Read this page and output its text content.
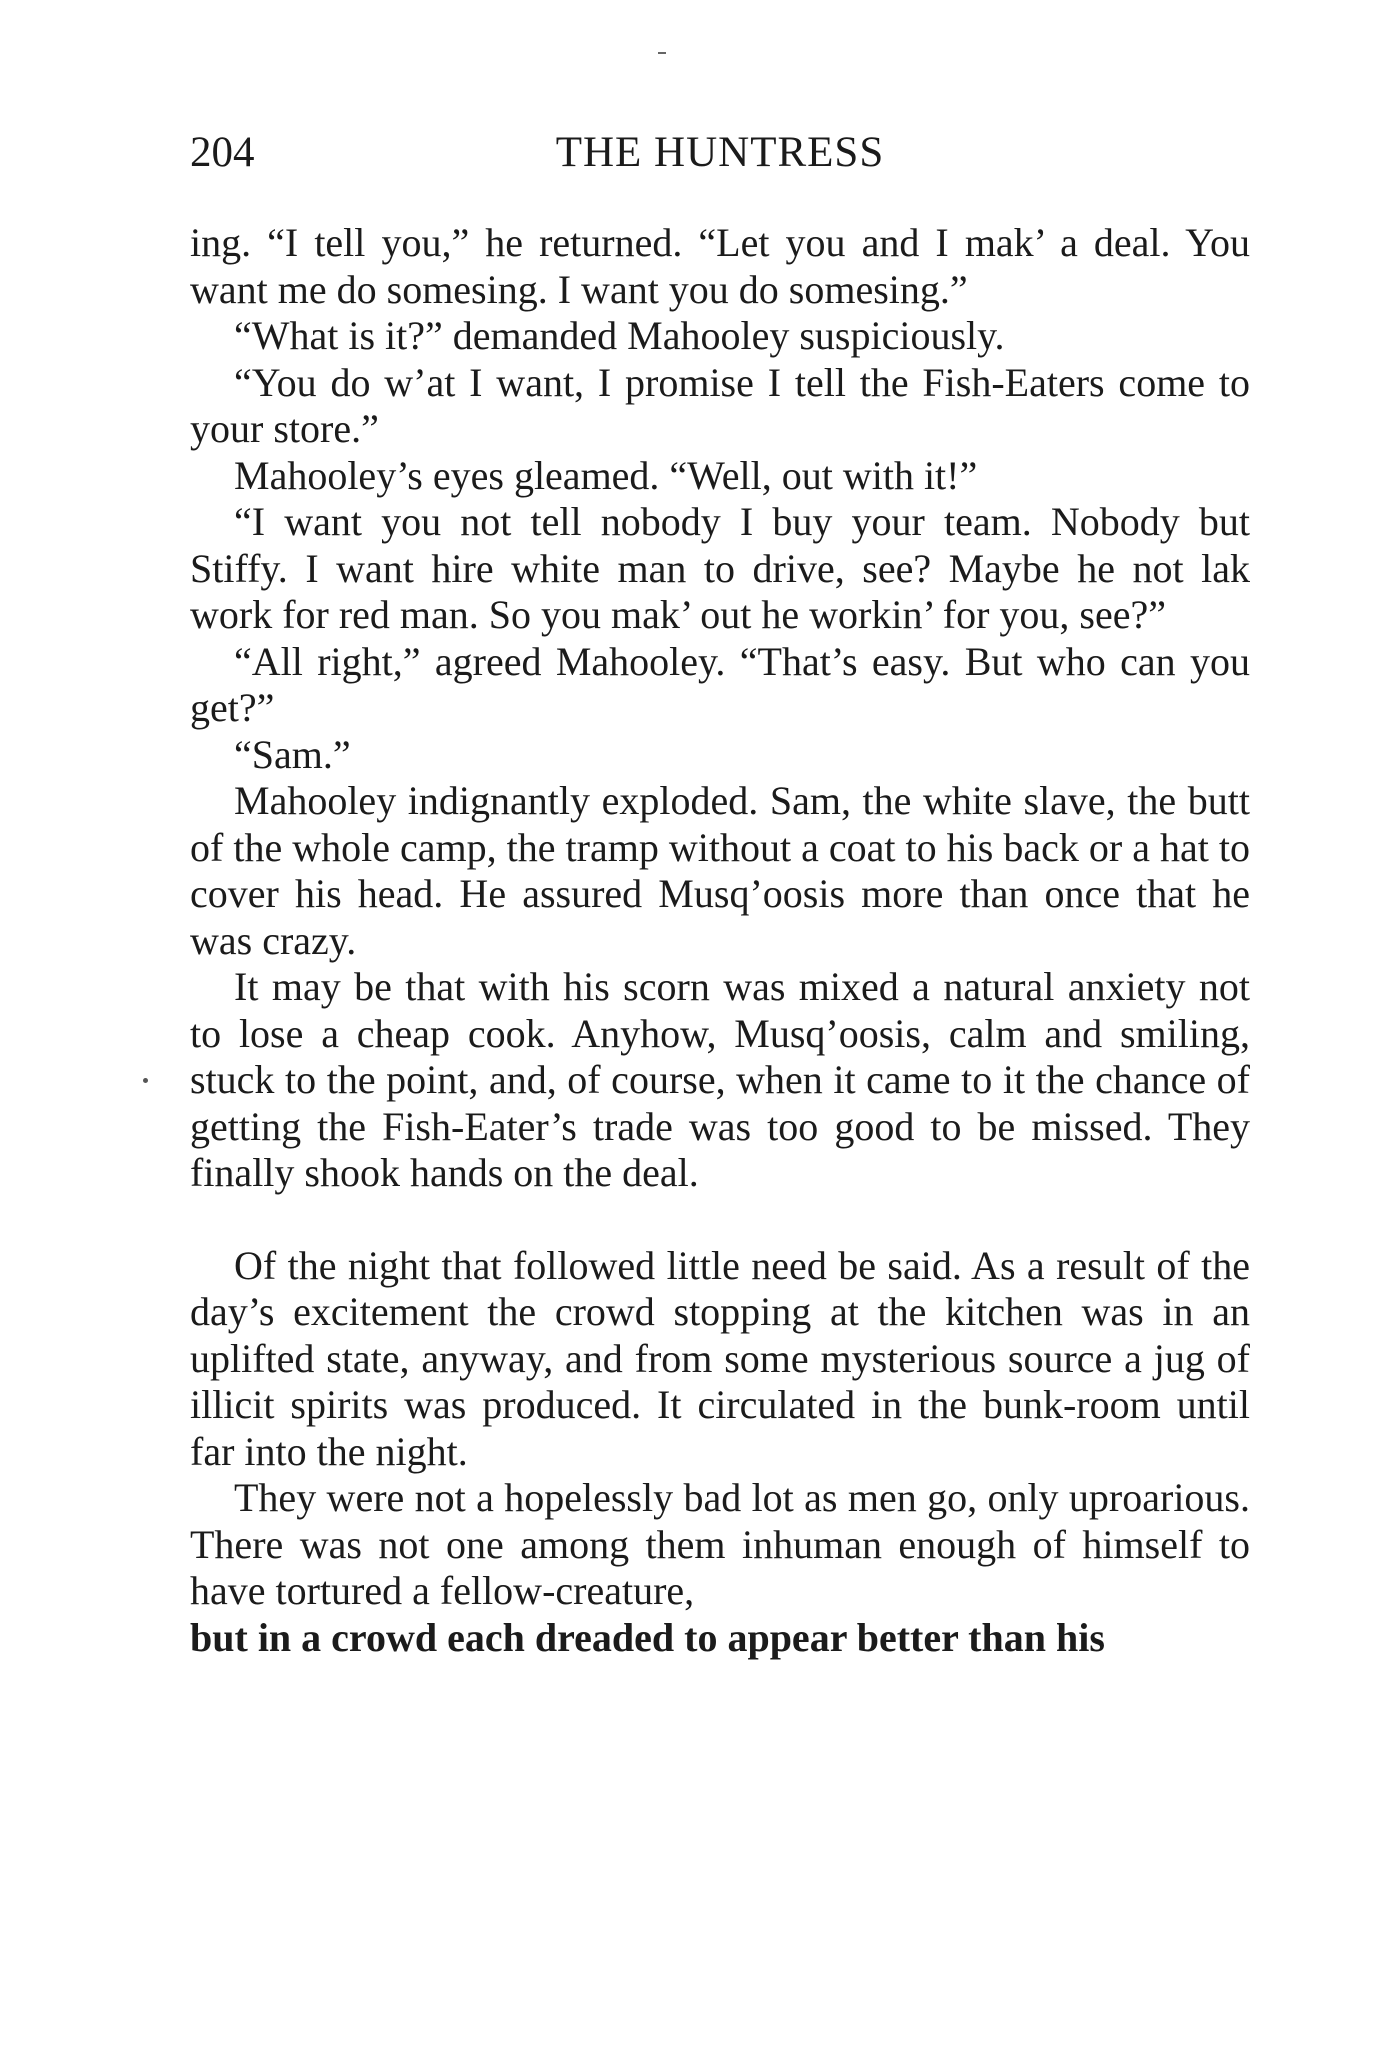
204	THE HUNTRESS

ing. “I tell you,” he returned. “Let you and I mak’ a deal. You want me do somesing. I want you do somesing.”

“What is it?” demanded Mahooley suspiciously.

“You do w’at I want, I promise I tell the Fish-Eaters come to your store.”

Mahooley’s eyes gleamed. “Well, out with it!”

“I want you not tell nobody I buy your team. Nobody but Stiffy. I want hire white man to drive, see? Maybe he not lak work for red man. So you mak’ out he workin’ for you, see?”

“All right,” agreed Mahooley. “That’s easy. But who can you get?”

“Sam.”

Mahooley indignantly exploded. Sam, the white slave, the butt of the whole camp, the tramp without a coat to his back or a hat to cover his head. He assured Musq’oosis more than once that he was crazy.

It may be that with his scorn was mixed a natural anxiety not to lose a cheap cook. Anyhow, Musq’oosis, calm and smiling, stuck to the point, and, of course, when it came to it the chance of getting the Fish-Eater’s trade was too good to be missed. They finally shook hands on the deal.

Of the night that followed little need be said. As a result of the day’s excitement the crowd stopping at the kitchen was in an uplifted state, anyway, and from some mysterious source a jug of illicit spirits was produced. It circulated in the bunk-room until far into the night.

They were not a hopelessly bad lot as men go, only uproarious. There was not one among them inhuman enough of himself to have tortured a fellow-creature,

but in a crowd each dreaded to appear better than his
